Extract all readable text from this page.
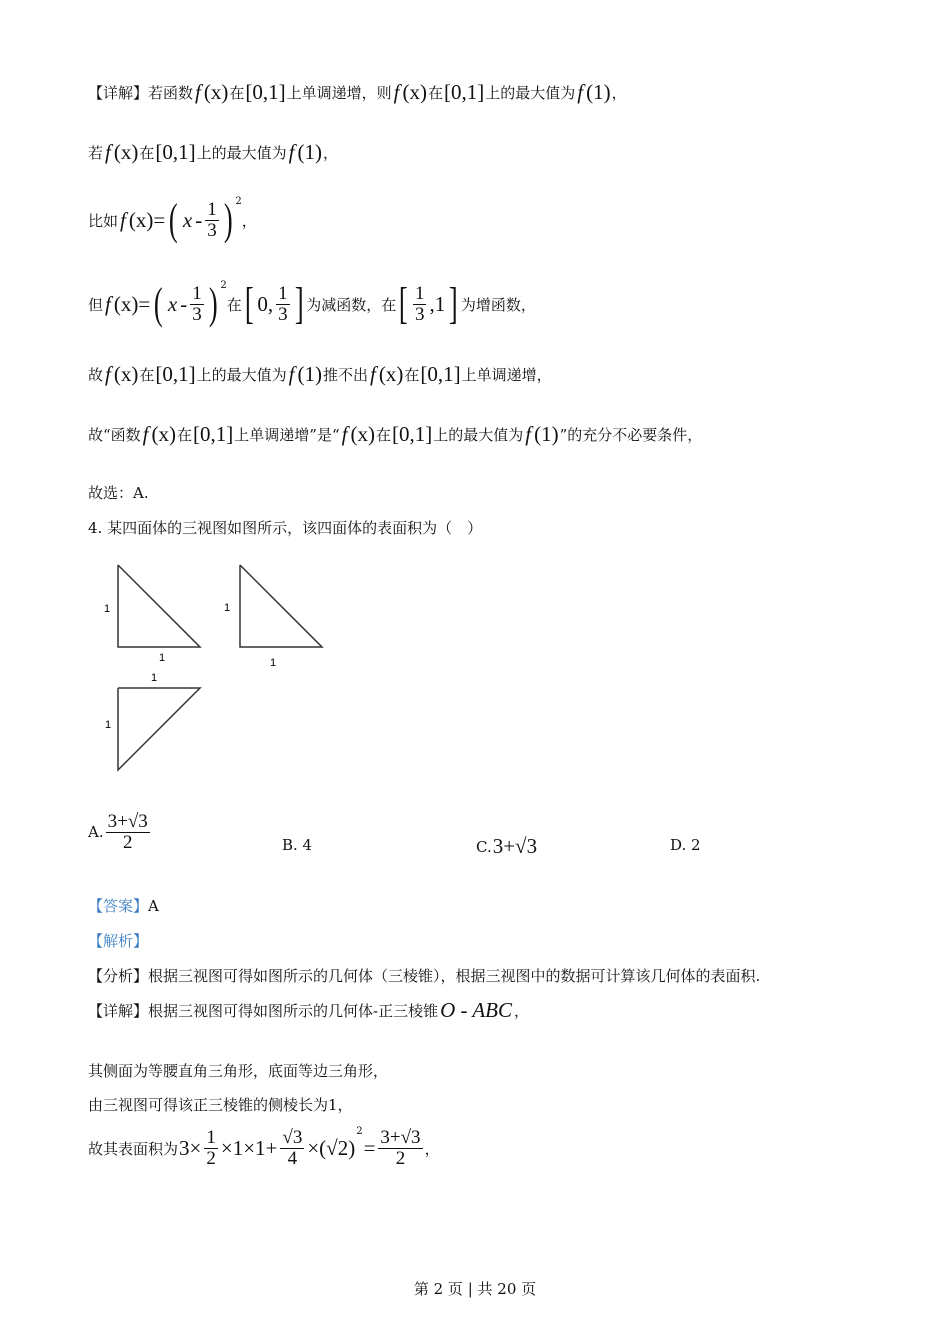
【详解】若函数 f (x) 在 [0,1] 上单调递增，则 f (x) 在 [0,1] 上的最大值为 f (1) ，
若 f (x) 在 [0,1] 上的最大值为 f (1) ，
比如 f (x)= ( x - $\frac{1}{3}$ ) 2
，
但 f (x)= ( x - $\frac{1}{3}$ ) 2
在 [ 0, $\frac{1}{3}$ ] 为减函数，在 [ $\frac{1}{3} ,1$ ] 为增函数，
故 f (x) 在 [0,1] 上的最大值为 f (1) 推不出 f (x) 在 [0,1] 上单调递增，
故“函数 f (x) 在 [0,1] 上单调递增”是“ f (x) 在 [0,1] 上的最大值为 f (1) ”的充分不必要条件，
故选：A.
4. 某四面体的三视图如图所示，该四面体的表面积为（　）
A. $\frac{3+√3}{2}$	B. 4	C. 3+√3	D. 2
【答案】 A
【解析】
【分析】根据三视图可得如图所示的几何体（三棱锥），根据三视图中的数据可计算该几何体的表面积.
【详解】根据三视图可得如图所示的几何体-正三棱锥 O - ABC ，
其侧面为等腰直角三角形，底面等边三角形，
由三视图可得该正三棱锥的侧棱长为1，
故其表面积为 $3\times \frac{1}{2} \times 1\times 1+ \frac{√3}{4} \times(√2)$
2
= $\frac{3+√3}{2}$ ，
1
1
1
1
1
1
第 2 页 | 共 20 页
